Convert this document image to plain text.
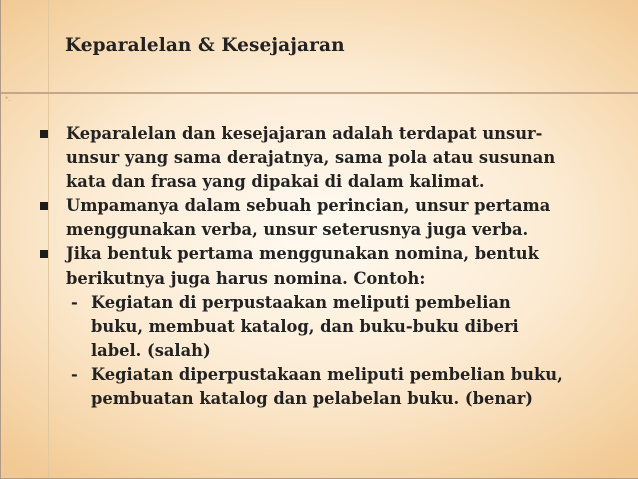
Keparalelan & Kesejajaran
*.
Keparalelan dan kesejajaran adalah terdapat unsur-
unsur yang sama derajatnya, sama pola atau susunan
kata dan frasa yang dipakai di dalam kalimat.
Umpamanya dalam sebuah perincian, unsur pertama
menggunakan verba, unsur seterusnya juga verba.
Jika bentuk pertama menggunakan nomina, bentuk
berikutnya juga harus nomina. Contoh:
- Kegiatan di perpustaakan meliputi pembelian
buku, membuat katalog, dan buku-buku diberi
label. (salah)
- Kegiatan diperpustakaan meliputi pembelian buku,
pembuatan katalog dan pelabelan buku. (benar)
